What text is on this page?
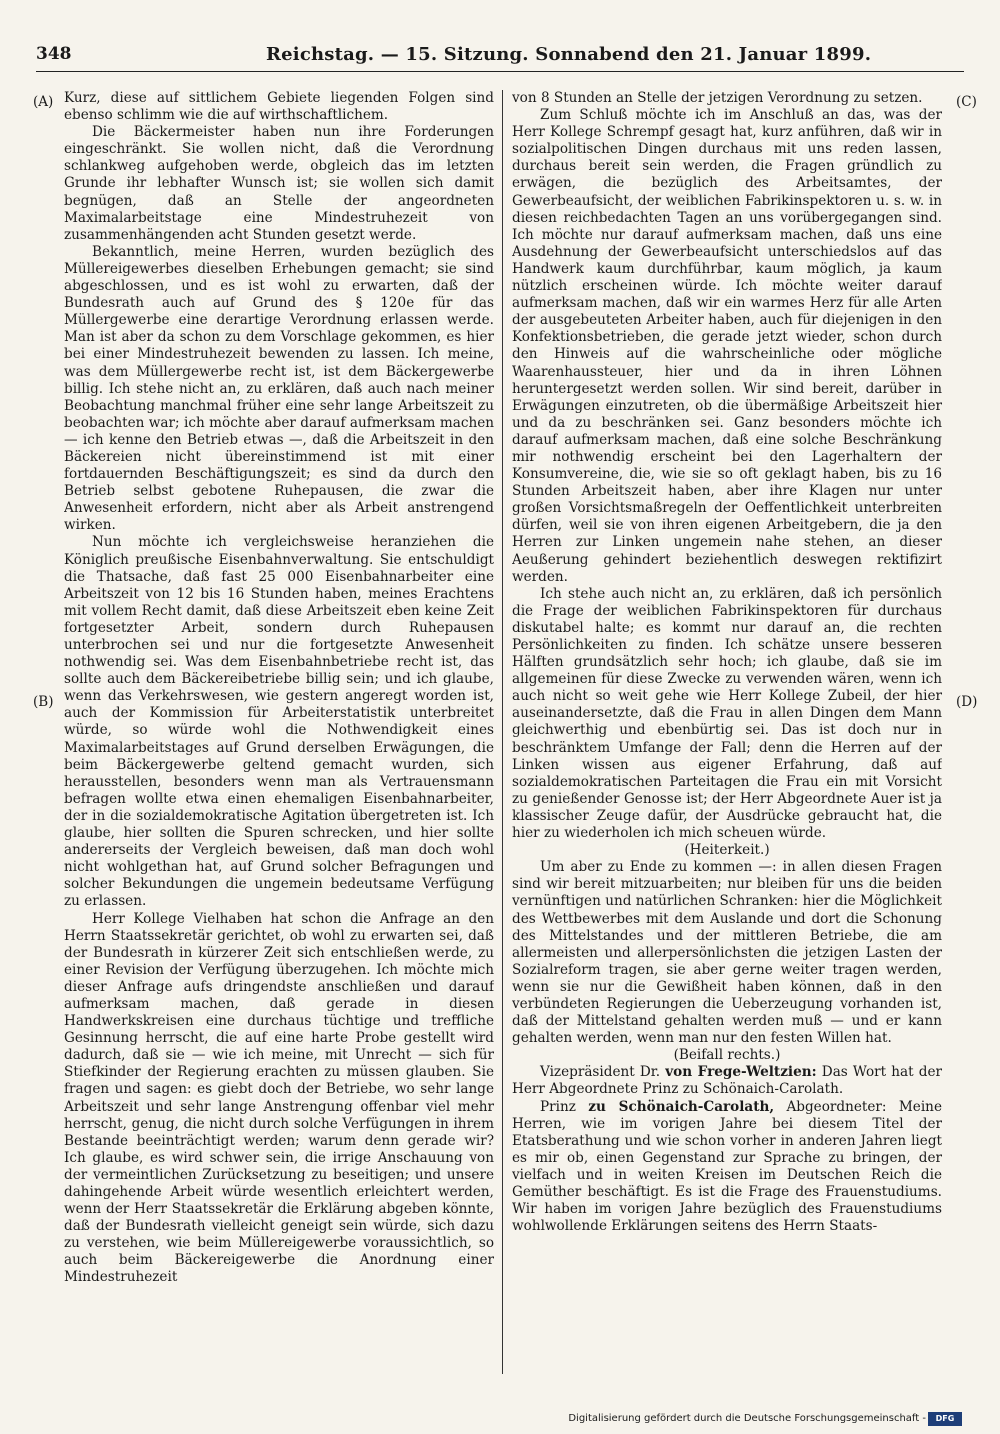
348	Reichstag. — 15. Sitzung. Sonnabend den 21. Januar 1899.
(A)
(B)
(C)
(D)

Kurz, diese auf sittlichem Gebiete liegenden Folgen sind ebenso schlimm wie die auf wirthschaftlichem.

Die Bäckermeister haben nun ihre Forderungen eingeschränkt. Sie wollen nicht, daß die Verordnung schlankweg aufgehoben werde, obgleich das im letzten Grunde ihr lebhafter Wunsch ist; sie wollen sich damit begnügen, daß an Stelle der angeordneten Maximalarbeitstage eine Mindestruhezeit von zusammenhängenden acht Stunden gesetzt werde.

Bekanntlich, meine Herren, wurden bezüglich des Müllereigewerbes dieselben Erhebungen gemacht; sie sind abgeschlossen, und es ist wohl zu erwarten, daß der Bundesrath auch auf Grund des § 120e für das Müllergewerbe eine derartige Verordnung erlassen werde. Man ist aber da schon zu dem Vorschlage gekommen, es hier bei einer Mindestruhezeit bewenden zu lassen. Ich meine, was dem Müllergewerbe recht ist, ist dem Bäckergewerbe billig. Ich stehe nicht an, zu erklären, daß auch nach meiner Beobachtung manchmal früher eine sehr lange Arbeitszeit zu beobachten war; ich möchte aber darauf aufmerksam machen — ich kenne den Betrieb etwas —, daß die Arbeitszeit in den Bäckereien nicht übereinstimmend ist mit einer fortdauernden Beschäftigungszeit; es sind da durch den Betrieb selbst gebotene Ruhepausen, die zwar die Anwesenheit erfordern, nicht aber als Arbeit anstrengend wirken.

Nun möchte ich vergleichsweise heranziehen die Königlich preußische Eisenbahnverwaltung. Sie entschuldigt die Thatsache, daß fast 25 000 Eisenbahnarbeiter eine Arbeitszeit von 12 bis 16 Stunden haben, meines Erachtens mit vollem Recht damit, daß diese Arbeitszeit eben keine Zeit fortgesetzter Arbeit, sondern durch Ruhepausen unterbrochen sei und nur die fortgesetzte Anwesenheit nothwendig sei. Was dem Eisenbahnbetriebe recht ist, das sollte auch dem Bäckereibetriebe billig sein; und ich glaube, wenn das Verkehrswesen, wie gestern angeregt worden ist, auch der Kommission für Arbeiterstatistik unterbreitet würde, so würde wohl die Nothwendigkeit eines Maximalarbeitstages auf Grund derselben Erwägungen, die beim Bäckergewerbe geltend gemacht wurden, sich herausstellen, besonders wenn man als Vertrauensmann befragen wollte etwa einen ehemaligen Eisenbahnarbeiter, der in die sozialdemokratische Agitation übergetreten ist. Ich glaube, hier sollten die Spuren schrecken, und hier sollte andererseits der Vergleich beweisen, daß man doch wohl nicht wohlgethan hat, auf Grund solcher Befragungen und solcher Bekundungen die ungemein bedeutsame Verfügung zu erlassen.

Herr Kollege Vielhaben hat schon die Anfrage an den Herrn Staatssekretär gerichtet, ob wohl zu erwarten sei, daß der Bundesrath in kürzerer Zeit sich entschließen werde, zu einer Revision der Verfügung überzugehen. Ich möchte mich dieser Anfrage aufs dringendste anschließen und darauf aufmerksam machen, daß gerade in diesen Handwerkskreisen eine durchaus tüchtige und treffliche Gesinnung herrscht, die auf eine harte Probe gestellt wird dadurch, daß sie — wie ich meine, mit Unrecht — sich für Stiefkinder der Regierung erachten zu müssen glauben. Sie fragen und sagen: es giebt doch der Betriebe, wo sehr lange Arbeitszeit und sehr lange Anstrengung offenbar viel mehr herrscht, genug, die nicht durch solche Verfügungen in ihrem Bestande beeinträchtigt werden; warum denn gerade wir? Ich glaube, es wird schwer sein, die irrige Anschauung von der vermeintlichen Zurücksetzung zu beseitigen; und unsere dahingehende Arbeit würde wesentlich erleichtert werden, wenn der Herr Staatssekretär die Erklärung abgeben könnte, daß der Bundesrath vielleicht geneigt sein würde, sich dazu zu verstehen, wie beim Müllereigewerbe voraussichtlich, so auch beim Bäckereigewerbe die Anordnung einer Mindestruhezeit

von 8 Stunden an Stelle der jetzigen Verordnung zu setzen.

Zum Schluß möchte ich im Anschluß an das, was der Herr Kollege Schrempf gesagt hat, kurz anführen, daß wir in sozialpolitischen Dingen durchaus mit uns reden lassen, durchaus bereit sein werden, die Fragen gründlich zu erwägen, die bezüglich des Arbeitsamtes, der Gewerbeaufsicht, der weiblichen Fabrikinspektoren u. s. w. in diesen reichbedachten Tagen an uns vorübergegangen sind. Ich möchte nur darauf aufmerksam machen, daß uns eine Ausdehnung der Gewerbeaufsicht unterschiedslos auf das Handwerk kaum durchführbar, kaum möglich, ja kaum nützlich erscheinen würde. Ich möchte weiter darauf aufmerksam machen, daß wir ein warmes Herz für alle Arten der ausgebeuteten Arbeiter haben, auch für diejenigen in den Konfektionsbetrieben, die gerade jetzt wieder, schon durch den Hinweis auf die wahrscheinliche oder mögliche Waarenhaussteuer, hier und da in ihren Löhnen heruntergesetzt werden sollen. Wir sind bereit, darüber in Erwägungen einzutreten, ob die übermäßige Arbeitszeit hier und da zu beschränken sei. Ganz besonders möchte ich darauf aufmerksam machen, daß eine solche Beschränkung mir nothwendig erscheint bei den Lagerhaltern der Konsumvereine, die, wie sie so oft geklagt haben, bis zu 16 Stunden Arbeitszeit haben, aber ihre Klagen nur unter großen Vorsichtsmaßregeln der Oeffentlichkeit unterbreiten dürfen, weil sie von ihren eigenen Arbeitgebern, die ja den Herren zur Linken ungemein nahe stehen, an dieser Aeußerung gehindert beziehentlich deswegen rektifizirt werden.

Ich stehe auch nicht an, zu erklären, daß ich persönlich die Frage der weiblichen Fabrikinspektoren für durchaus diskutabel halte; es kommt nur darauf an, die rechten Persönlichkeiten zu finden. Ich schätze unsere besseren Hälften grundsätzlich sehr hoch; ich glaube, daß sie im allgemeinen für diese Zwecke zu verwenden wären, wenn ich auch nicht so weit gehe wie Herr Kollege Zubeil, der hier auseinandersetzte, daß die Frau in allen Dingen dem Mann gleichwerthig und ebenbürtig sei. Das ist doch nur in beschränktem Umfange der Fall; denn die Herren auf der Linken wissen aus eigener Erfahrung, daß auf sozialdemokratischen Parteitagen die Frau ein mit Vorsicht zu genießender Genosse ist; der Herr Abgeordnete Auer ist ja klassischer Zeuge dafür, der Ausdrücke gebraucht hat, die hier zu wiederholen ich mich scheuen würde.

(Heiterkeit.)

Um aber zu Ende zu kommen —: in allen diesen Fragen sind wir bereit mitzuarbeiten; nur bleiben für uns die beiden vernünftigen und natürlichen Schranken: hier die Möglichkeit des Wettbewerbes mit dem Auslande und dort die Schonung des Mittelstandes und der mittleren Betriebe, die am allermeisten und allerpersönlichsten die jetzigen Lasten der Sozialreform tragen, sie aber gerne weiter tragen werden, wenn sie nur die Gewißheit haben können, daß in den verbündeten Regierungen die Ueberzeugung vorhanden ist, daß der Mittelstand gehalten werden muß — und er kann gehalten werden, wenn man nur den festen Willen hat.

(Beifall rechts.)

Vizepräsident Dr. von Frege-Weltzien: Das Wort hat der Herr Abgeordnete Prinz zu Schönaich-Carolath.

Prinz zu Schönaich-Carolath, Abgeordneter: Meine Herren, wie im vorigen Jahre bei diesem Titel der Etatsberathung und wie schon vorher in anderen Jahren liegt es mir ob, einen Gegenstand zur Sprache zu bringen, der vielfach und in weiten Kreisen im Deutschen Reich die Gemüther beschäftigt. Es ist die Frage des Frauenstudiums. Wir haben im vorigen Jahre bezüglich des Frauenstudiums wohlwollende Erklärungen seitens des Herrn Staats-

Digitalisierung gefördert durch die Deutsche Forschungsgemeinschaft -	DFG
